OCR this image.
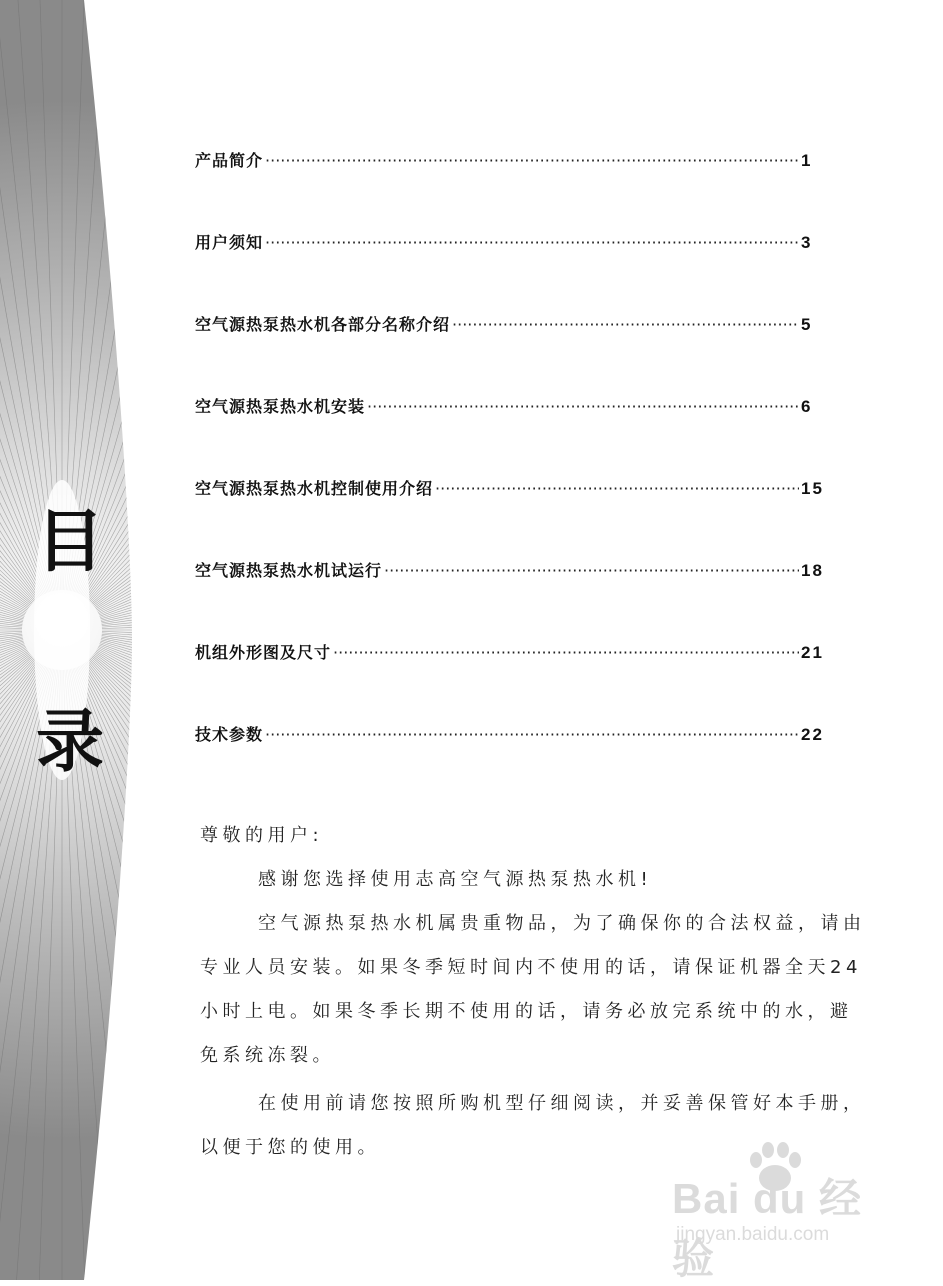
目
录
产品简介 ·····	1
用户须知 ·····	3
空气源热泵热水机各部分名称介绍 ·····	5
空气源热泵热水机安装 ·····	6
空气源热泵热水机控制使用介绍 ·····	15
空气源热泵热水机试运行 ·····	18
机组外形图及尺寸 ·····	21
技术参数 ·····	22

尊敬的用户:

感谢您选择使用志高空气源热泵热水机!

空气源热泵热水机属贵重物品，为了确保你的合法权益，请由专业人员安装。如果冬季短时间内不使用的话，请保证机器全天24小时上电。如果冬季长期不使用的话，请务必放完系统中的水，避免系统冻裂。

在使用前请您按照所购机型仔细阅读，并妥善保管好本手册，以便于您的使用。

Bai du 经验
jingyan.baidu.com
